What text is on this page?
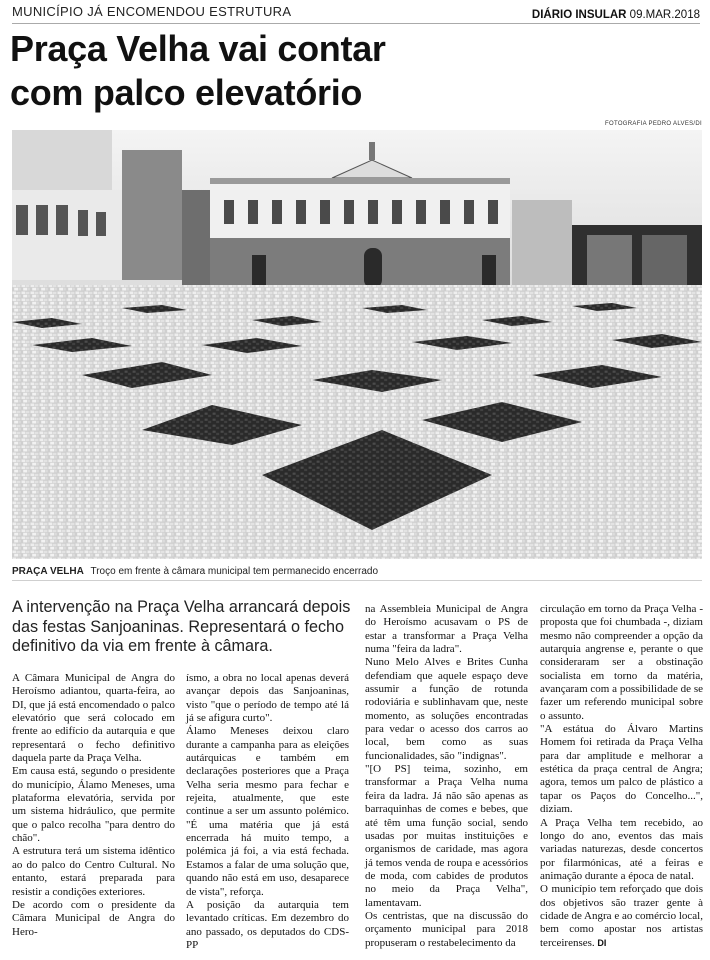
MUNICÍPIO JÁ ENCOMENDOU ESTRUTURA	DIÁRIO INSULAR 09.MAR.2018
Praça Velha vai contar
com palco elevatório
FOTOGRAFIA PEDRO ALVES/DI
PRAÇA VELHA Troço em frente à câmara municipal tem permanecido encerrado
A intervenção na Praça Velha arrancará depois das festas Sanjoaninas. Representará o fecho definitivo da via em frente à câmara.

A Câmara Municipal de Angra do Heroísmo adiantou, quarta-feira, ao DI, que já está encomendado o palco elevatório que será colocado em frente ao edifício da autarquia e que representará o fecho definitivo daquela parte da Praça Velha.

Em causa está, segundo o presidente do município, Álamo Meneses, uma plataforma elevatória, servida por um sistema hidráulico, que permite que o palco recolha "para dentro do chão".

A estrutura terá um sistema idêntico ao do palco do Centro Cultural. No entanto, estará preparada para resistir a condições exteriores.

De acordo com o presidente da Câmara Municipal de Angra do Hero-

ísmo, a obra no local apenas deverá avançar depois das Sanjoaninas, visto "que o período de tempo até lá já se afigura curto".

Álamo Meneses deixou claro durante a campanha para as eleições autárquicas e também em declarações posteriores que a Praça Velha seria mesmo para fechar e rejeita, atualmente, que este continue a ser um assunto polémico. "É uma matéria que já está encerrada há muito tempo, a polémica já foi, a via está fechada. Estamos a falar de uma solução que, quando não está em uso, desaparece de vista", reforça.

A posição da autarquia tem levantado críticas. Em dezembro do ano passado, os deputados do CDS-PP

na Assembleia Municipal de Angra do Heroísmo acusavam o PS de estar a transformar a Praça Velha numa "feira da ladra".

Nuno Melo Alves e Brites Cunha defendiam que aquele espaço deve assumir a função de rotunda rodoviária e sublinhavam que, neste momento, as soluções encontradas para vedar o acesso dos carros ao local, bem como as suas funcionalidades, são "indignas".

"[O PS] teima, sozinho, em transformar a Praça Velha numa feira da ladra. Já não são apenas as barraquinhas de comes e bebes, que até têm uma função social, sendo usadas por muitas instituições e organismos de caridade, mas agora já temos venda de roupa e acessórios de moda, com cabides de produtos no meio da Praça Velha", lamentavam.

Os centristas, que na discussão do orçamento municipal para 2018 propuseram o restabelecimento da

circulação em torno da Praça Velha - proposta que foi chumbada -, diziam mesmo não compreender a opção da autarquia angrense e, perante o que consideraram ser a obstinação socialista em torno da matéria, avançaram com a possibilidade de se fazer um referendo municipal sobre o assunto.

"A estátua do Álvaro Martins Homem foi retirada da Praça Velha para dar amplitude e melhorar a estética da praça central de Angra; agora, temos um palco de plástico a tapar os Paços do Concelho...", diziam.

A Praça Velha tem recebido, ao longo do ano, eventos das mais variadas naturezas, desde concertos por filarmónicas, até a feiras e animação durante a época de natal.

O município tem reforçado que dois dos objetivos são trazer gente à cidade de Angra e ao comércio local, bem como apostar nos artistas terceirenses. DI
